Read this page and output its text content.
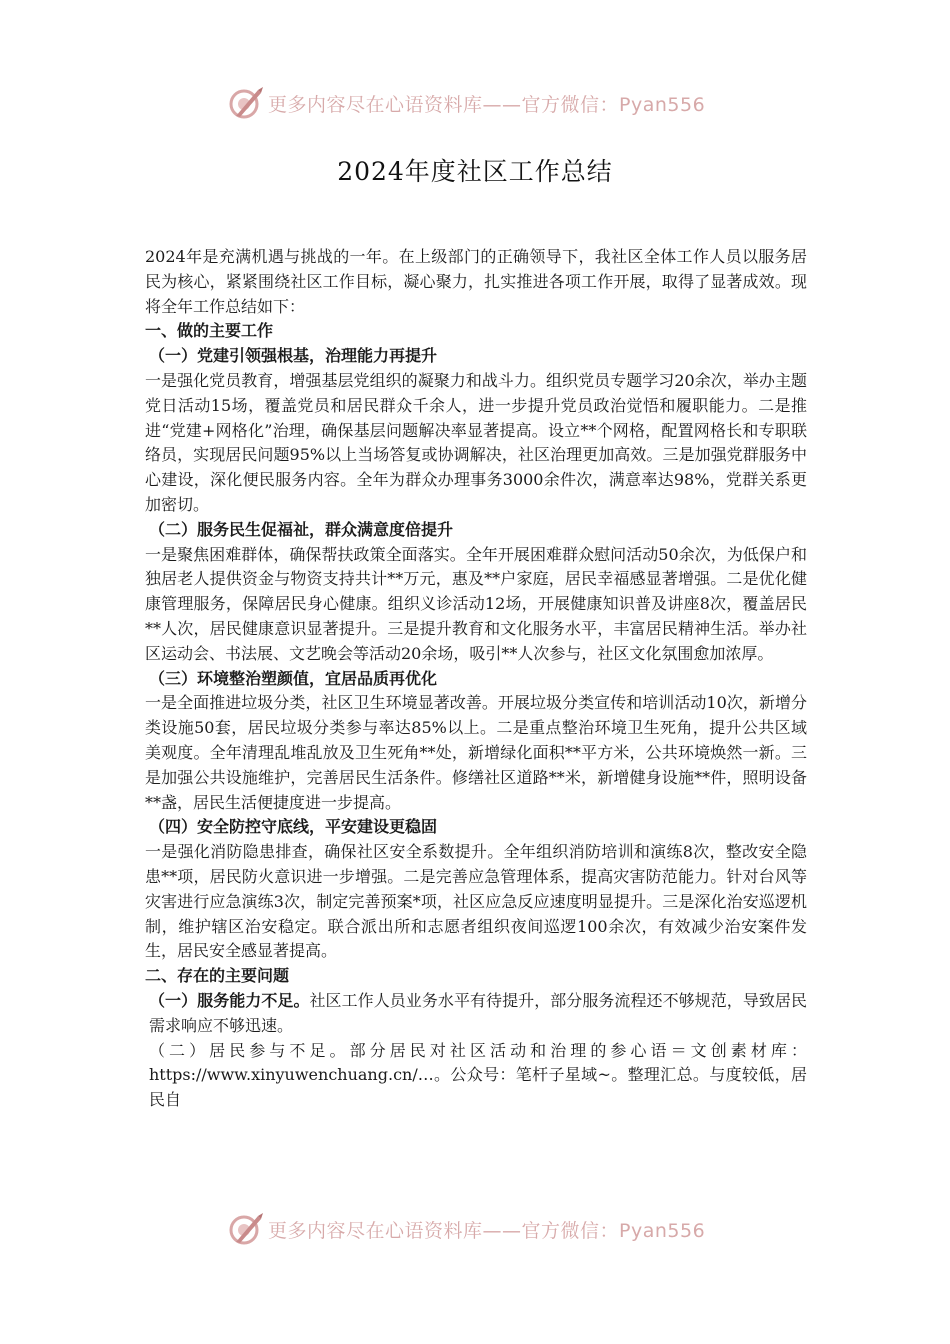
更多内容尽在心语资料库——官方微信：Pyan556
2024年度社区工作总结

2024年是充满机遇与挑战的一年。在上级部门的正确领导下，我社区全体工作人员以服务居民为核心，紧紧围绕社区工作目标，凝心聚力，扎实推进各项工作开展，取得了显著成效。现将全年工作总结如下：

一、做的主要工作

（一）党建引领强根基，治理能力再提升

一是强化党员教育，增强基层党组织的凝聚力和战斗力。组织党员专题学习20余次，举办主题党日活动15场，覆盖党员和居民群众千余人，进一步提升党员政治觉悟和履职能力。二是推进“党建+网格化”治理，确保基层问题解决率显著提高。设立**个网格，配置网格长和专职联络员，实现居民问题95%以上当场答复或协调解决，社区治理更加高效。三是加强党群服务中心建设，深化便民服务内容。全年为群众办理事务3000余件次，满意率达98%，党群关系更加密切。

（二）服务民生促福祉，群众满意度倍提升

一是聚焦困难群体，确保帮扶政策全面落实。全年开展困难群众慰问活动50余次，为低保户和独居老人提供资金与物资支持共计**万元，惠及**户家庭，居民幸福感显著增强。二是优化健康管理服务，保障居民身心健康。组织义诊活动12场，开展健康知识普及讲座8次，覆盖居民**人次，居民健康意识显著提升。三是提升教育和文化服务水平，丰富居民精神生活。举办社区运动会、书法展、文艺晚会等活动20余场，吸引**人次参与，社区文化氛围愈加浓厚。

（三）环境整治塑颜值，宜居品质再优化

一是全面推进垃圾分类，社区卫生环境显著改善。开展垃圾分类宣传和培训活动10次，新增分类设施50套，居民垃圾分类参与率达85%以上。二是重点整治环境卫生死角，提升公共区域美观度。全年清理乱堆乱放及卫生死角**处，新增绿化面积**平方米，公共环境焕然一新。三是加强公共设施维护，完善居民生活条件。修缮社区道路**米，新增健身设施**件，照明设备**盏，居民生活便捷度进一步提高。

（四）安全防控守底线，平安建设更稳固

一是强化消防隐患排查，确保社区安全系数提升。全年组织消防培训和演练8次，整改安全隐患**项，居民防火意识进一步增强。二是完善应急管理体系，提高灾害防范能力。针对台风等灾害进行应急演练3次，制定完善预案*项，社区应急反应速度明显提升。三是深化治安巡逻机制，维护辖区治安稳定。联合派出所和志愿者组织夜间巡逻100余次，有效减少治安案件发生，居民安全感显著提高。

二、存在的主要问题

（一）服务能力不足。社区工作人员业务水平有待提升，部分服务流程还不够规范，导致居民需求响应不够迅速。

（二）居民参与不足。部分居民对社区活动和治理的参心语＝文创素材库：https://www.xinyuwenchuang.cn/…。公众号：笔杆子星域~。整理汇总。与度较低，居民自

更多内容尽在心语资料库——官方微信：Pyan556
